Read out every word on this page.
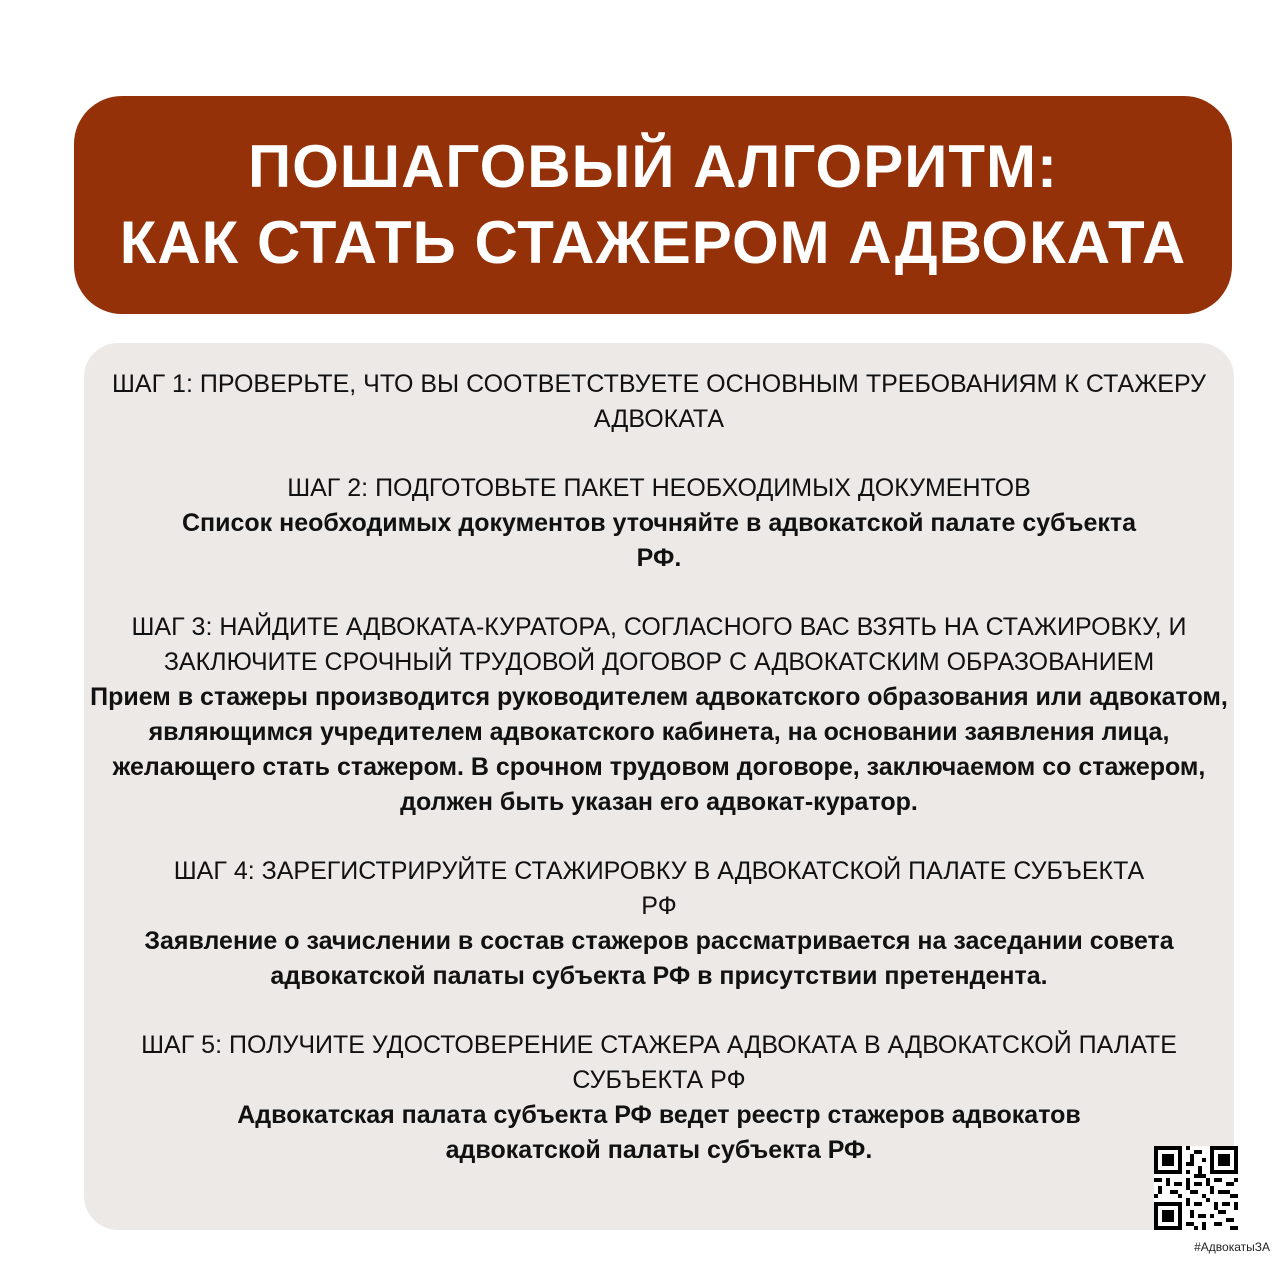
ПОШАГОВЫЙ АЛГОРИТМ:
КАК СТАТЬ СТАЖЕРОМ АДВОКАТА
ШАГ 1: ПРОВЕРЬТЕ, ЧТО ВЫ СООТВЕТСТВУЕТЕ ОСНОВНЫМ ТРЕБОВАНИЯМ К СТАЖЕРУ АДВОКАТА
ШАГ 2: ПОДГОТОВЬТЕ ПАКЕТ НЕОБХОДИМЫХ ДОКУМЕНТОВ
Список необходимых документов уточняйте в адвокатской палате субъекта РФ.
ШАГ 3: НАЙДИТЕ АДВОКАТА-КУРАТОРА, СОГЛАСНОГО ВАС ВЗЯТЬ НА СТАЖИРОВКУ, И ЗАКЛЮЧИТЕ СРОЧНЫЙ ТРУДОВОЙ ДОГОВОР С АДВОКАТСКИМ ОБРАЗОВАНИЕМ
Прием в стажеры производится руководителем адвокатского образования или адвокатом, являющимся учредителем адвокатского кабинета, на основании заявления лица, желающего стать стажером. В срочном трудовом договоре, заключаемом со стажером, должен быть указан его адвокат-куратор.
ШАГ 4: ЗАРЕГИСТРИРУЙТЕ СТАЖИРОВКУ В АДВОКАТСКОЙ ПАЛАТЕ СУБЪЕКТА РФ
Заявление о зачислении в состав стажеров рассматривается на заседании совета адвокатской палаты субъекта РФ в присутствии претендента.
ШАГ 5: ПОЛУЧИТЕ УДОСТОВЕРЕНИЕ СТАЖЕРА АДВОКАТА В АДВОКАТСКОЙ ПАЛАТЕ СУБЪЕКТА РФ
Адвокатская палата субъекта РФ ведет реестр стажеров адвокатов адвокатской палаты субъекта РФ.
#АдвокатыЗА
